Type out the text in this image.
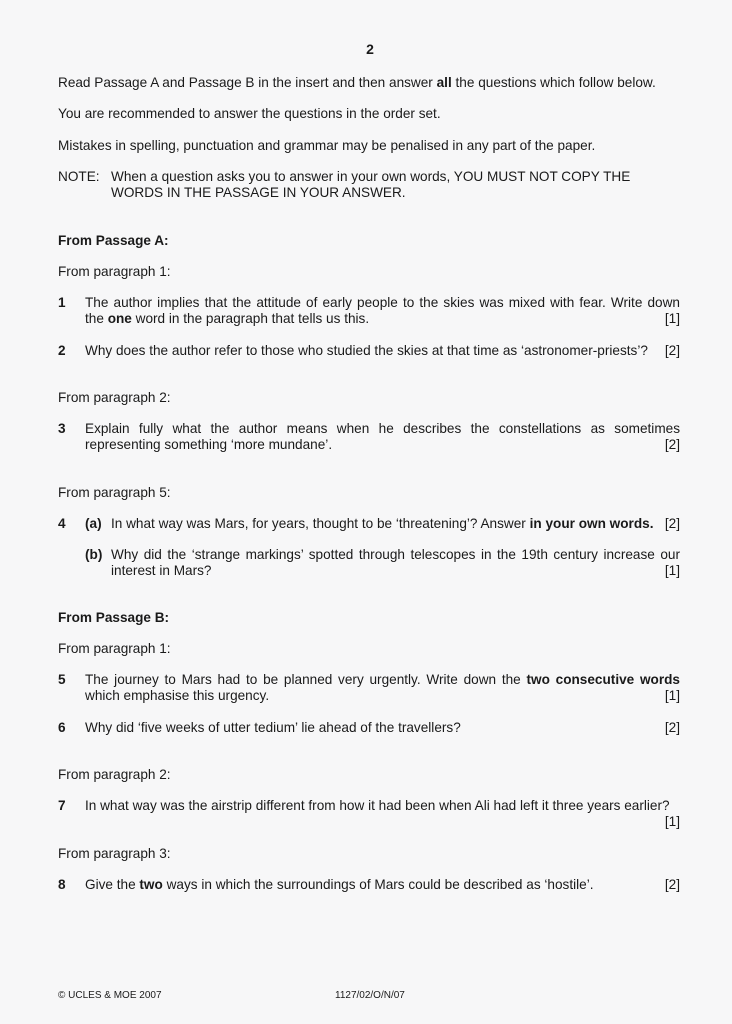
2
Read Passage A and Passage B in the insert and then answer all the questions which follow below.
You are recommended to answer the questions in the order set.
Mistakes in spelling, punctuation and grammar may be penalised in any part of the paper.
NOTE: When a question asks you to answer in your own words, YOU MUST NOT COPY THE
WORDS IN THE PASSAGE IN YOUR ANSWER.
From Passage A:
From paragraph 1:
1 The author implies that the attitude of early people to the skies was mixed with fear. Write down the one word in the paragraph that tells us this.	[1]
2 Why does the author refer to those who studied the skies at that time as ‘astronomer-priests’?	[2]
From paragraph 2:
3 Explain fully what the author means when he describes the constellations as sometimes representing something ‘more mundane’.	[2]
From paragraph 5:
4 (a) In what way was Mars, for years, thought to be ‘threatening’? Answer in your own words. [2]
(b) Why did the ‘strange markings’ spotted through telescopes in the 19th century increase our interest in Mars?	[1]
From Passage B:
From paragraph 1:
5 The journey to Mars had to be planned very urgently. Write down the two consecutive words which emphasise this urgency.	[1]
6 Why did ‘five weeks of utter tedium’ lie ahead of the travellers?	[2]
From paragraph 2:
7 In what way was the airstrip different from how it had been when Ali had left it three years earlier?
[1]
From paragraph 3:
8 Give the two ways in which the surroundings of Mars could be described as ‘hostile’.	[2]
© UCLES & MOE 2007	1127/02/O/N/07
